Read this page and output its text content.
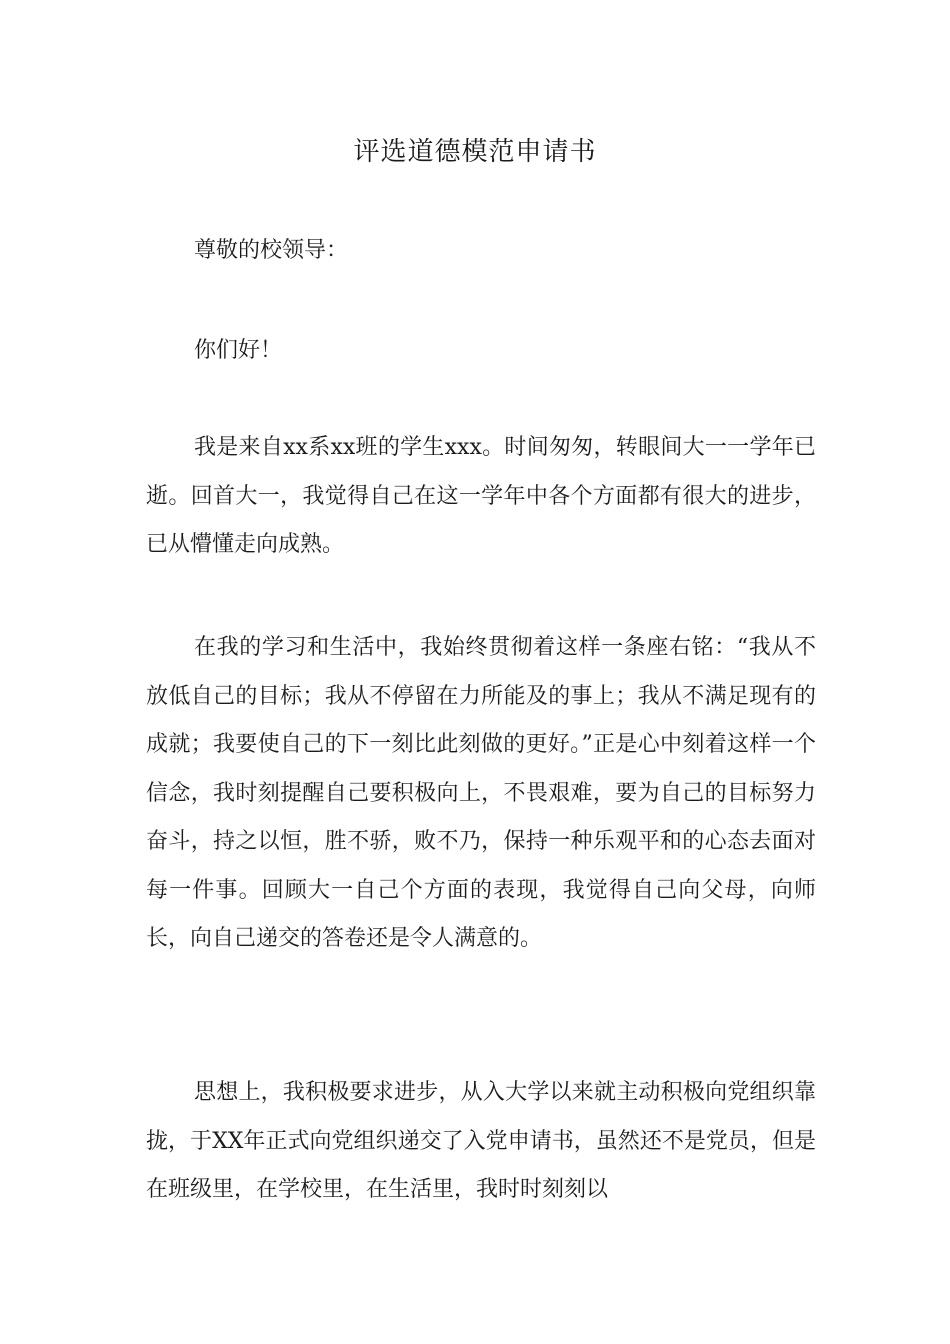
评选道德模范申请书
尊敬的校领导：
你们好！
我是来自xx系xx班的学生xxx。时间匆匆，转眼间大一一学年已逝。回首大一，我觉得自己在这一学年中各个方面都有很大的进步，已从懵懂走向成熟。
在我的学习和生活中，我始终贯彻着这样一条座右铭：“我从不放低自己的目标；我从不停留在力所能及的事上；我从不满足现有的成就；我要使自己的下一刻比此刻做的更好。”正是心中刻着这样一个信念，我时刻提醒自己要积极向上，不畏艰难，要为自己的目标努力奋斗，持之以恒，胜不骄，败不乃，保持一种乐观平和的心态去面对每一件事。回顾大一自己个方面的表现，我觉得自己向父母，向师长，向自己递交的答卷还是令人满意的。
思想上，我积极要求进步，从入大学以来就主动积极向党组织靠拢，于XX年正式向党组织递交了入党申请书，虽然还不是党员，但是在班级里，在学校里，在生活里，我时时刻刻以
